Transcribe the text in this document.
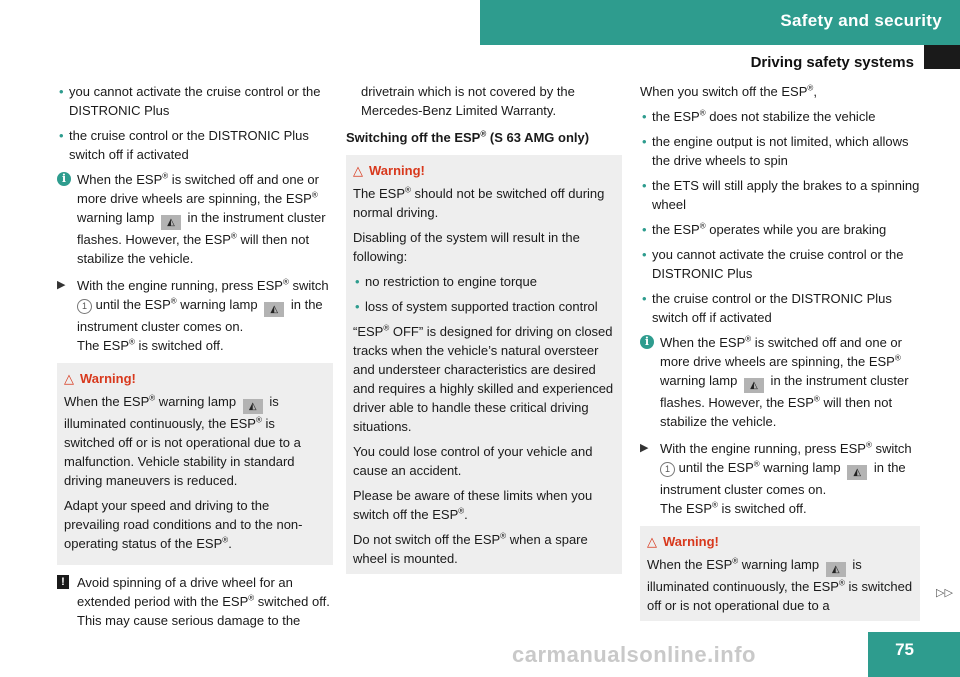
Safety and security
Driving safety systems
• you cannot activate the cruise control or the DISTRONIC Plus
• the cruise control or the DISTRONIC Plus switch off if activated
i When the ESP® is switched off and one or more drive wheels are spinning, the ESP® warning lamp ◭ in the instrument cluster flashes. However, the ESP® will then not stabilize the vehicle.
▶ With the engine running, press ESP® switch 1 until the ESP® warning lamp ◭ in the instrument cluster comes on.
The ESP® is switched off.
△ Warning!

When the ESP® warning lamp ◭ is illuminated continuously, the ESP® is switched off or is not operational due to a malfunction. Vehicle stability in standard driving maneuvers is reduced.

Adapt your speed and driving to the prevailing road conditions and to the non-operating status of the ESP®.

! Avoid spinning of a drive wheel for an extended period with the ESP® switched off. This may cause serious damage to the

drivetrain which is not covered by the Mercedes-Benz Limited Warranty.

Switching off the ESP® (S 63 AMG only)
△ Warning!

The ESP® should not be switched off during normal driving.

Disabling of the system will result in the following:

• no restriction to engine torque
• loss of system supported traction control

“ESP® OFF” is designed for driving on closed tracks when the vehicle’s natural oversteer and understeer characteristics are desired and requires a highly skilled and experienced driver able to handle these critical driving situations.

You could lose control of your vehicle and cause an accident.

Please be aware of these limits when you switch off the ESP®.

Do not switch off the ESP® when a spare wheel is mounted.

When you switch off the ESP®,

• the ESP® does not stabilize the vehicle
• the engine output is not limited, which allows the drive wheels to spin
• the ETS will still apply the brakes to a spinning wheel
• the ESP® operates while you are braking
• you cannot activate the cruise control or the DISTRONIC Plus
• the cruise control or the DISTRONIC Plus switch off if activated
i When the ESP® is switched off and one or more drive wheels are spinning, the ESP® warning lamp ◭ in the instrument cluster flashes. However, the ESP® will then not stabilize the vehicle.
▶ With the engine running, press ESP® switch 1 until the ESP® warning lamp ◭ in the instrument cluster comes on.
The ESP® is switched off.
△ Warning!

When the ESP® warning lamp ◭ is illuminated continuously, the ESP® is switched off or is not operational due to a

▷▷
75
carmanualsonline.info
